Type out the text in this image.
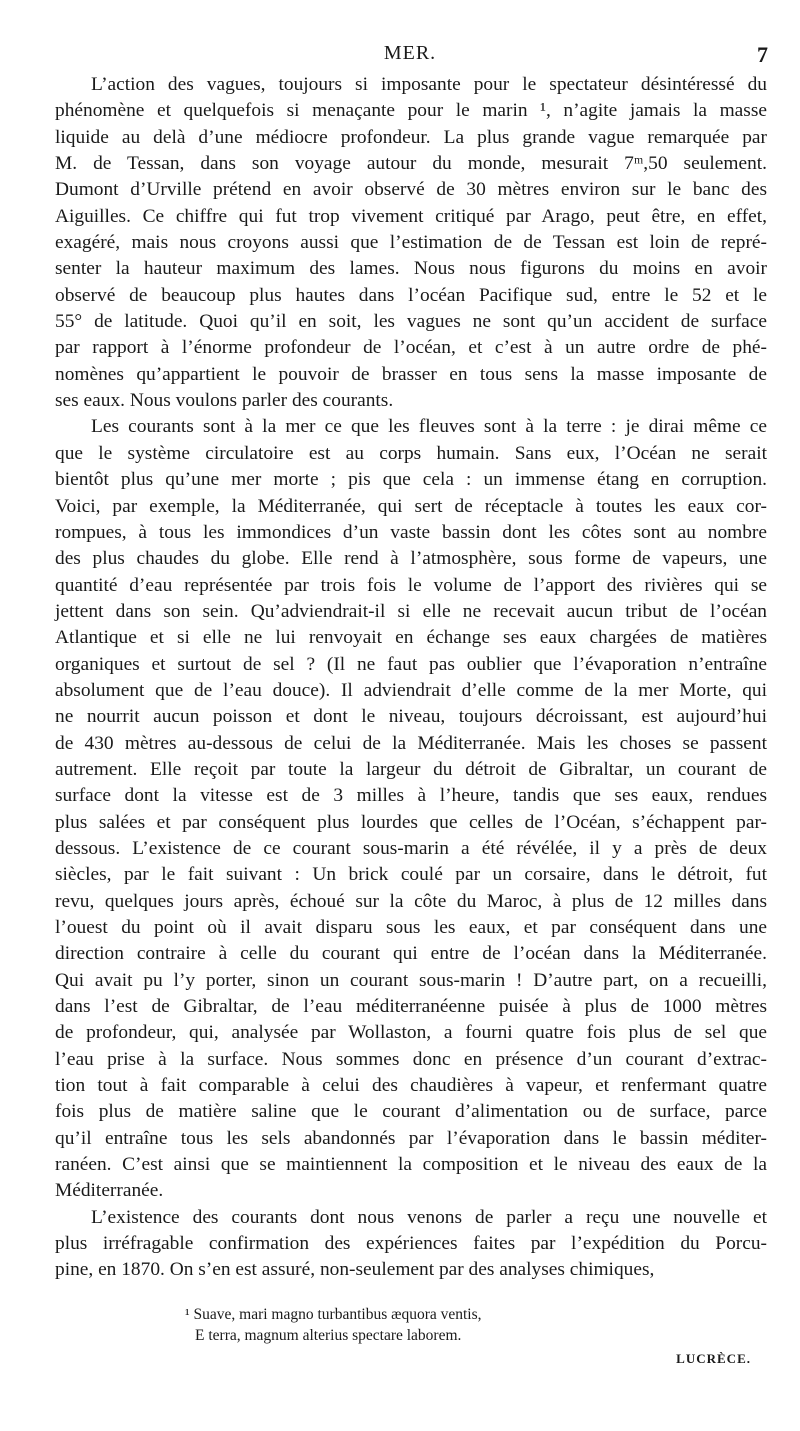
MER.	7
L’action des vagues, toujours si imposante pour le spectateur désintéressé du
phénomène et quelquefois si menaçante pour le marin ¹, n’agite jamais la masse
liquide au delà d’une médiocre profondeur. La plus grande vague remarquée par
M. de Tessan, dans son voyage autour du monde, mesurait 7ᵐ,50 seulement.
Dumont d’Urville prétend en avoir observé de 30 mètres environ sur le banc des
Aiguilles. Ce chiffre qui fut trop vivement critiqué par Arago, peut être, en effet,
exagéré, mais nous croyons aussi que l’estimation de de Tessan est loin de repré-
senter la hauteur maximum des lames. Nous nous figurons du moins en avoir
observé de beaucoup plus hautes dans l’océan Pacifique sud, entre le 52 et le
55° de latitude. Quoi qu’il en soit, les vagues ne sont qu’un accident de surface
par rapport à l’énorme profondeur de l’océan, et c’est à un autre ordre de phé-
nomènes qu’appartient le pouvoir de brasser en tous sens la masse imposante de
ses eaux. Nous voulons parler des courants.
Les courants sont à la mer ce que les fleuves sont à la terre : je dirai même ce
que le système circulatoire est au corps humain. Sans eux, l’Océan ne serait
bientôt plus qu’une mer morte ; pis que cela : un immense étang en corruption.
Voici, par exemple, la Méditerranée, qui sert de réceptacle à toutes les eaux cor-
rompues, à tous les immondices d’un vaste bassin dont les côtes sont au nombre
des plus chaudes du globe. Elle rend à l’atmosphère, sous forme de vapeurs, une
quantité d’eau représentée par trois fois le volume de l’apport des rivières qui se
jettent dans son sein. Qu’adviendrait-il si elle ne recevait aucun tribut de l’océan
Atlantique et si elle ne lui renvoyait en échange ses eaux chargées de matières
organiques et surtout de sel ? (Il ne faut pas oublier que l’évaporation n’entraîne
absolument que de l’eau douce). Il adviendrait d’elle comme de la mer Morte, qui
ne nourrit aucun poisson et dont le niveau, toujours décroissant, est aujourd’hui
de 430 mètres au-dessous de celui de la Méditerranée. Mais les choses se passent
autrement. Elle reçoit par toute la largeur du détroit de Gibraltar, un courant de
surface dont la vitesse est de 3 milles à l’heure, tandis que ses eaux, rendues
plus salées et par conséquent plus lourdes que celles de l’Océan, s’échappent par-
dessous. L’existence de ce courant sous-marin a été révélée, il y a près de deux
siècles, par le fait suivant : Un brick coulé par un corsaire, dans le détroit, fut
revu, quelques jours après, échoué sur la côte du Maroc, à plus de 12 milles dans
l’ouest du point où il avait disparu sous les eaux, et par conséquent dans une
direction contraire à celle du courant qui entre de l’océan dans la Méditerranée.
Qui avait pu l’y porter, sinon un courant sous-marin ! D’autre part, on a recueilli,
dans l’est de Gibraltar, de l’eau méditerranéenne puisée à plus de 1000 mètres
de profondeur, qui, analysée par Wollaston, a fourni quatre fois plus de sel que
l’eau prise à la surface. Nous sommes donc en présence d’un courant d’extrac-
tion tout à fait comparable à celui des chaudières à vapeur, et renfermant quatre
fois plus de matière saline que le courant d’alimentation ou de surface, parce
qu’il entraîne tous les sels abandonnés par l’évaporation dans le bassin méditer-
ranéen. C’est ainsi que se maintiennent la composition et le niveau des eaux de la
Méditerranée.
L’existence des courants dont nous venons de parler a reçu une nouvelle et
plus irréfragable confirmation des expériences faites par l’expédition du Porcu-
pine, en 1870. On s’en est assuré, non-seulement par des analyses chimiques,
¹ Suave, mari magno turbantibus æquora ventis,
E terra, magnum alterius spectare laborem.
LUCRÈCE.
